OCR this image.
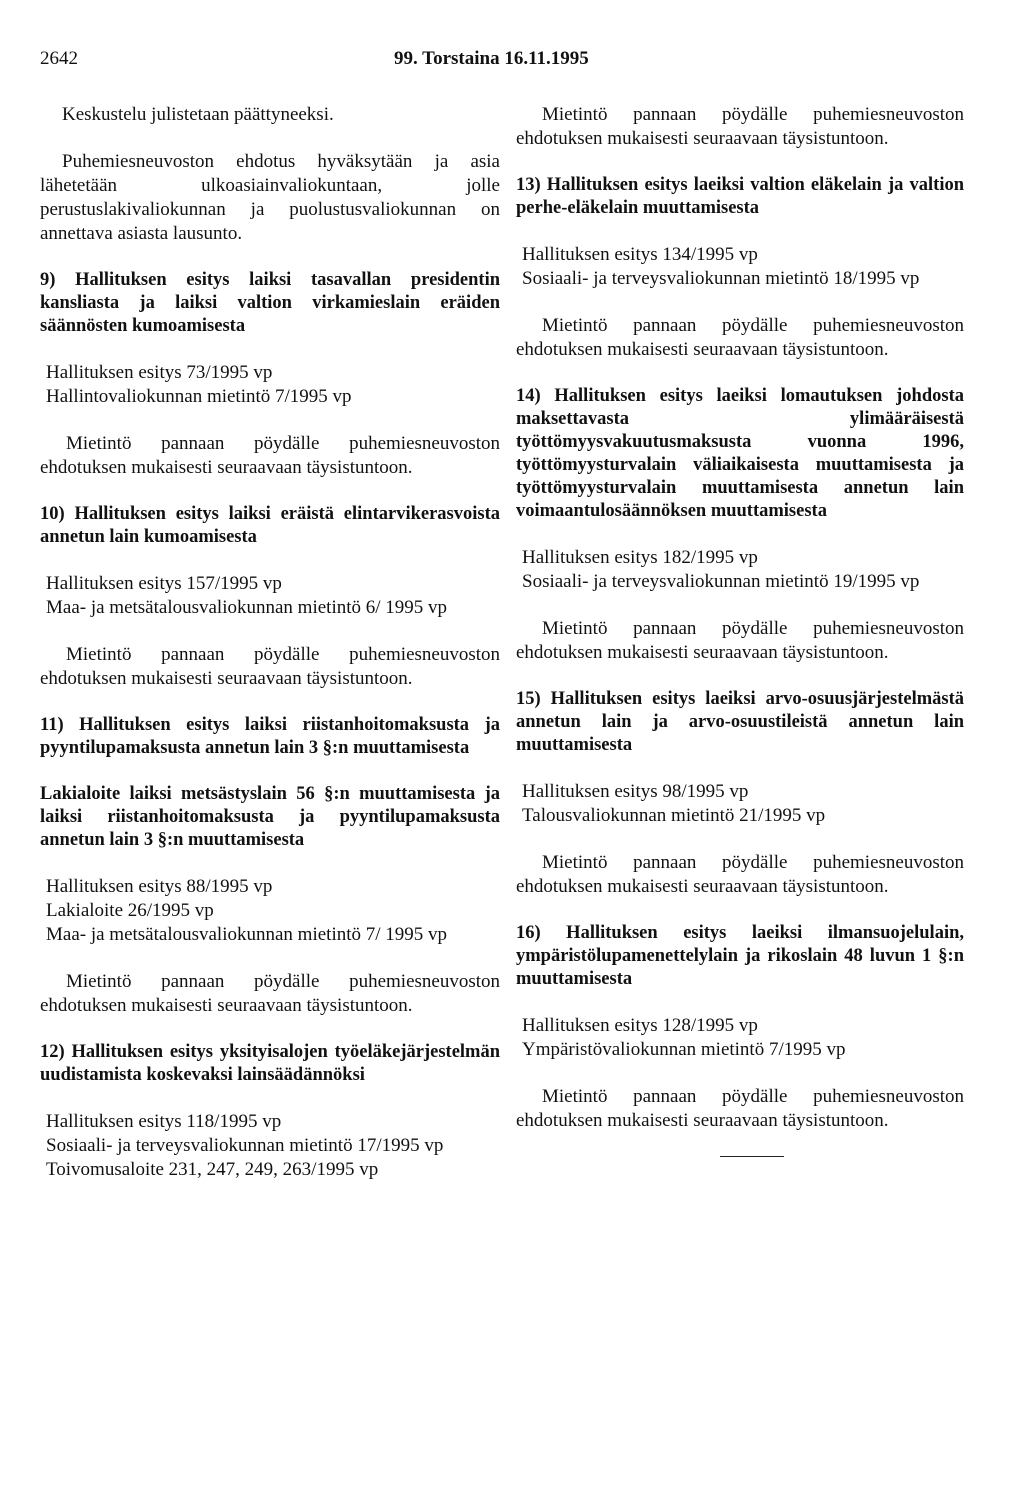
2642	99. Torstaina 16.11.1995
Keskustelu julistetaan päättyneeksi.
Puhemiesneuvoston ehdotus hyväksytään ja asia lähetetään ulkoasiainvaliokuntaan, jolle perustuslakivaliokunnan ja puolustusvaliokunnan on annettava asiasta lausunto.
9) Hallituksen esitys laiksi tasavallan presidentin kansliasta ja laiksi valtion virkamieslain eräiden säännösten kumoamisesta
Hallituksen esitys 73/1995 vp
Hallintovaliokunnan mietintö 7/1995 vp
Mietintö pannaan pöydälle puhemiesneuvoston ehdotuksen mukaisesti seuraavaan täysistuntoon.
10) Hallituksen esitys laiksi eräistä elintarvikerasvoista annetun lain kumoamisesta
Hallituksen esitys 157/1995 vp
Maa- ja metsätalousvaliokunnan mietintö 6/ 1995 vp
Mietintö pannaan pöydälle puhemiesneuvoston ehdotuksen mukaisesti seuraavaan täysistuntoon.
11) Hallituksen esitys laiksi riistanhoitomaksusta ja pyyntilupamaksusta annetun lain 3 §:n muuttamisesta
Lakialoite laiksi metsästyslain 56 §:n muuttamisesta ja laiksi riistanhoitomaksusta ja pyyntilupamaksusta annetun lain 3 §:n muuttamisesta
Hallituksen esitys 88/1995 vp
Lakialoite 26/1995 vp
Maa- ja metsätalousvaliokunnan mietintö 7/ 1995 vp
Mietintö pannaan pöydälle puhemiesneuvoston ehdotuksen mukaisesti seuraavaan täysistuntoon.
12) Hallituksen esitys yksityisalojen työeläkejärjestelmän uudistamista koskevaksi lainsäädännöksi
Hallituksen esitys 118/1995 vp
Sosiaali- ja terveysvaliokunnan mietintö 17/1995 vp
Toivomusaloite 231, 247, 249, 263/1995 vp
Mietintö pannaan pöydälle puhemiesneuvoston ehdotuksen mukaisesti seuraavaan täysistuntoon.
13) Hallituksen esitys laeiksi valtion eläkelain ja valtion perhe-eläkelain muuttamisesta
Hallituksen esitys 134/1995 vp
Sosiaali- ja terveysvaliokunnan mietintö 18/1995 vp
Mietintö pannaan pöydälle puhemiesneuvoston ehdotuksen mukaisesti seuraavaan täysistuntoon.
14) Hallituksen esitys laeiksi lomautuksen johdosta maksettavasta ylimääräisestä työttömyysvakuutusmaksusta vuonna 1996, työttömyysturvalain väliaikaisesta muuttamisesta ja työttömyysturvalain muuttamisesta annetun lain voimaantulosäännöksen muuttamisesta
Hallituksen esitys 182/1995 vp
Sosiaali- ja terveysvaliokunnan mietintö 19/1995 vp
Mietintö pannaan pöydälle puhemiesneuvoston ehdotuksen mukaisesti seuraavaan täysistuntoon.
15) Hallituksen esitys laeiksi arvo-osuusjärjestelmästä annetun lain ja arvo-osuustileistä annetun lain muuttamisesta
Hallituksen esitys 98/1995 vp
Talousvaliokunnan mietintö 21/1995 vp
Mietintö pannaan pöydälle puhemiesneuvoston ehdotuksen mukaisesti seuraavaan täysistuntoon.
16) Hallituksen esitys laeiksi ilmansuojelulain, ympäristölupamenettelylain ja rikoslain 48 luvun 1 §:n muuttamisesta
Hallituksen esitys 128/1995 vp
Ympäristövaliokunnan mietintö 7/1995 vp
Mietintö pannaan pöydälle puhemiesneuvoston ehdotuksen mukaisesti seuraavaan täysistuntoon.
